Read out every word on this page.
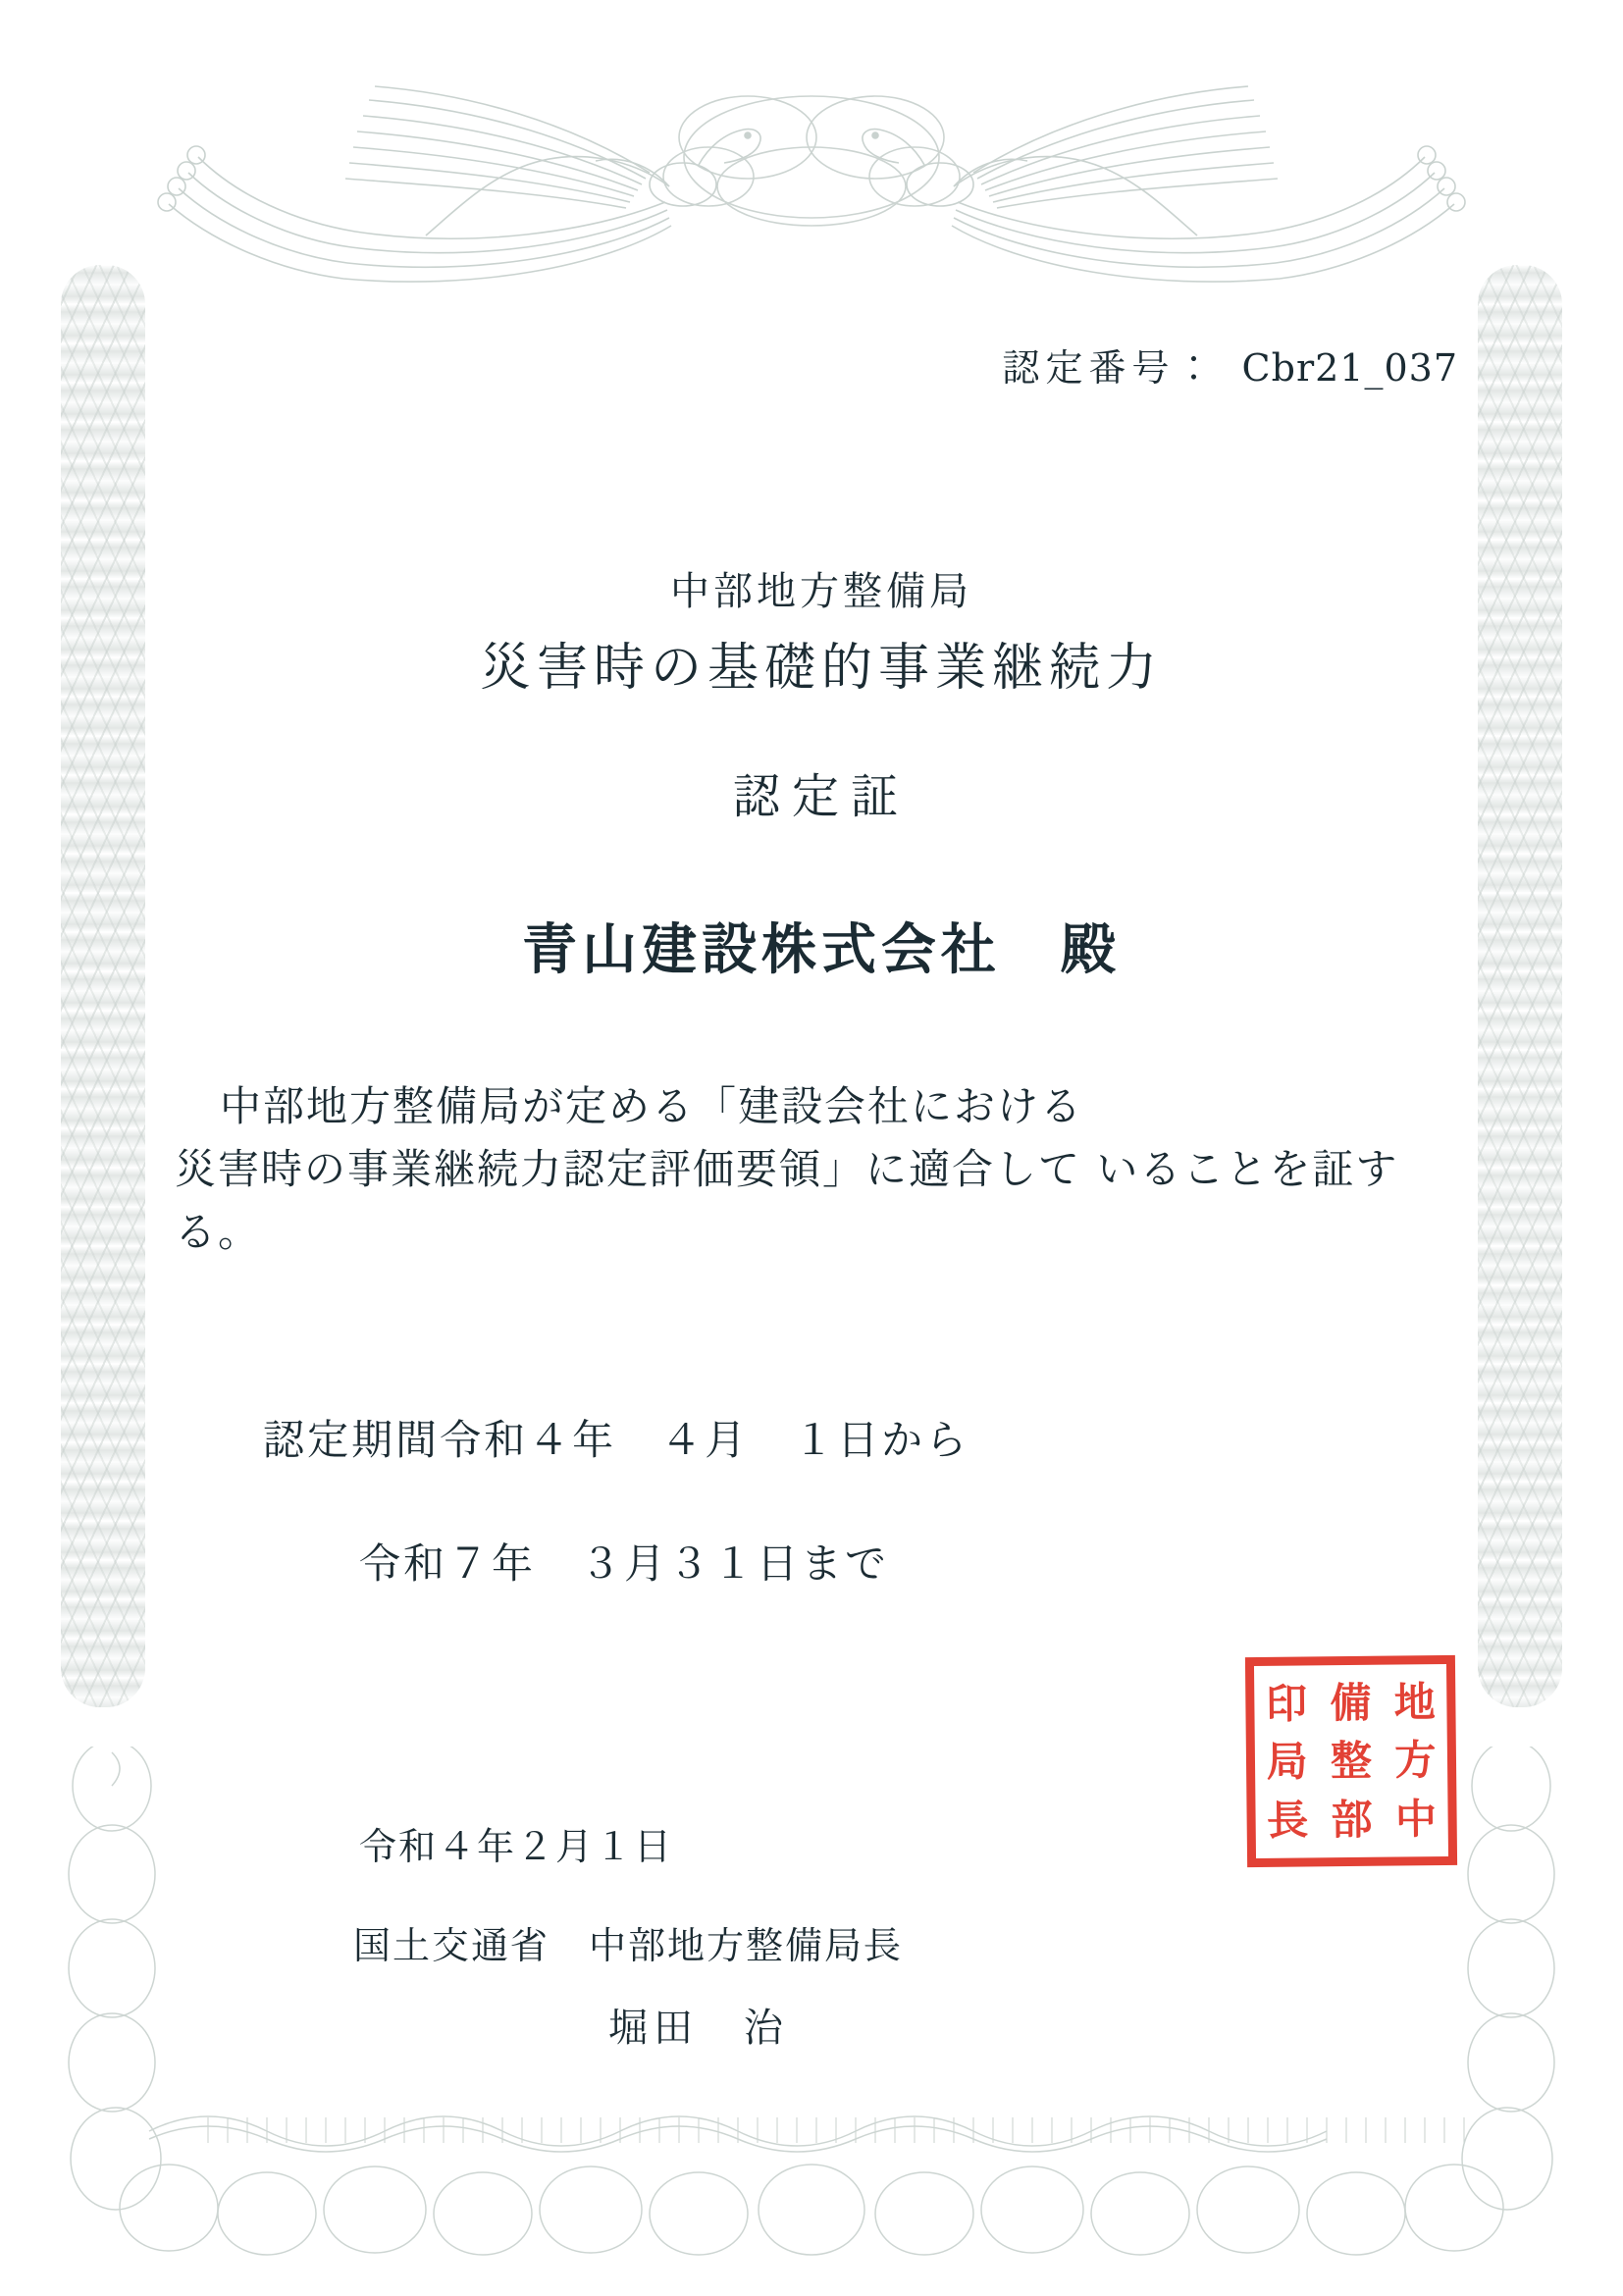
認定番号： Cbr21_037

中部地方整備局
災害時の基礎的事業継続力
認定証
青山建設株式会社　殿
中部地方整備局が定める「建設会社における
災害時の事業継続力認定評価要領」に適合して いることを証する。

認定期間令和４年　４月　１日から

令和７年　３月３１日まで

令和４年２月１日
国土交通省　中部地方整備局長
堀田　治
印
局
長
備
整
部
地
方
中
